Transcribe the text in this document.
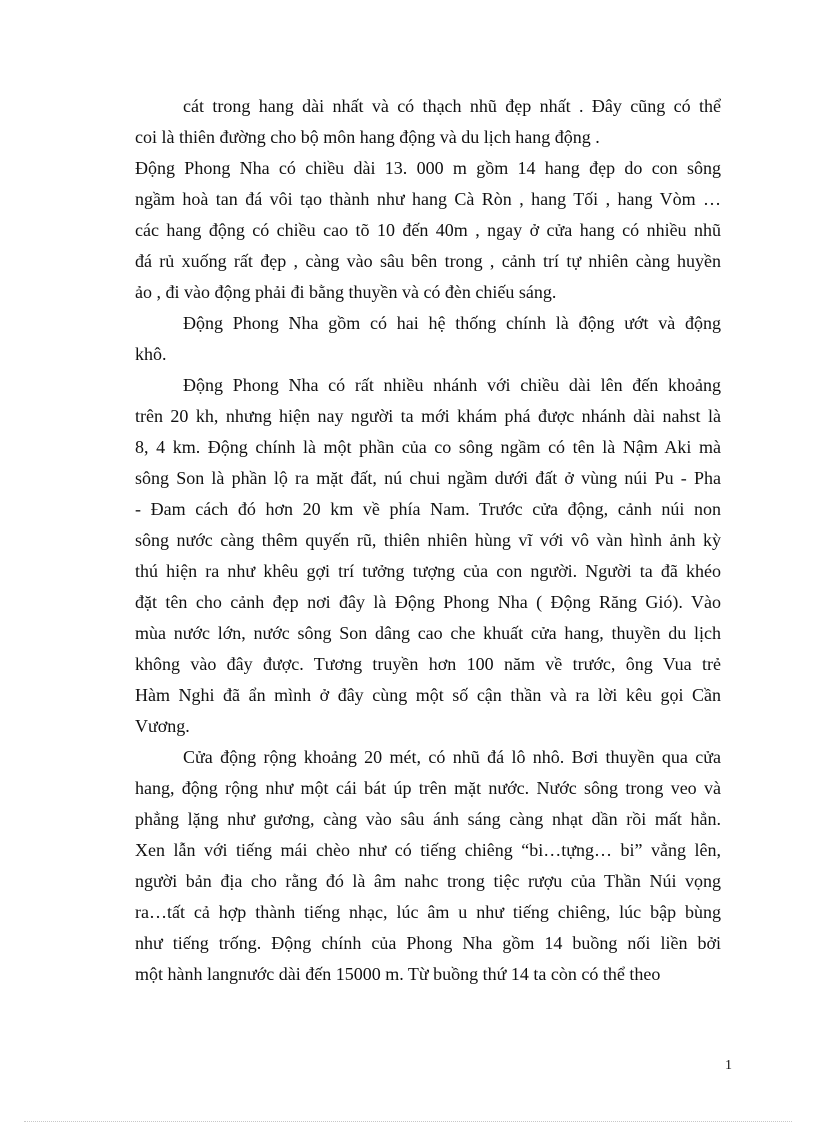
cát trong hang dài nhất và có thạch nhũ đẹp nhất . Đây cũng có thể
coi là thiên đường cho bộ môn hang động và du lịch hang động .
Động Phong Nha có chiều dài 13. 000 m gồm 14 hang đẹp do con sông
ngầm hoà tan đá vôi tạo thành như hang Cà Ròn , hang Tối , hang Vòm …
các hang động có chiều cao tõ 10 đến 40m , ngay ở cửa hang có nhiều nhũ
đá rủ xuống rất đẹp , càng vào sâu bên trong , cảnh trí tự nhiên càng huyền
ảo , đi vào động phải đi bằng thuyền và có đèn chiếu sáng.
Động Phong Nha gồm có hai hệ thống chính là động ướt và động
khô.
Động Phong Nha có rất nhiều nhánh với chiều dài lên đến khoảng
trên 20 kh, nhưng hiện nay người ta mới khám phá được nhánh dài nahst là
8, 4 km. Động chính là một phần của co sông ngầm có tên là Nậm Aki mà
sông Son là phần lộ ra mặt đất, nú chui ngầm dưới đất ở vùng núi Pu - Pha
- Đam cách đó hơn 20 km về phía Nam. Trước cửa động, cảnh núi non
sông nước càng thêm quyến rũ, thiên nhiên hùng vĩ với vô vàn hình ảnh kỳ
thú hiện ra như khêu gợi trí tưởng tượng của con người. Người ta đã khéo
đặt tên cho cảnh đẹp nơi đây là Động Phong Nha ( Động Răng Gió). Vào
mùa nước lớn, nước sông Son dâng cao che khuất cửa hang, thuyền du lịch
không vào đây được. Tương truyền hơn 100 năm về trước, ông Vua trẻ
Hàm Nghi đã ẩn mình ở đây cùng một số cận thần và ra lời kêu gọi Cần
Vương.
Cửa động rộng khoảng 20 mét, có nhũ đá lô nhô. Bơi thuyền qua cửa
hang, động rộng như một cái bát úp trên mặt nước. Nước sông trong veo và
phẳng lặng như gương, càng vào sâu ánh sáng càng nhạt dần rồi mất hẳn.
Xen lẫn với tiếng mái chèo như có tiếng chiêng “bi…tựng… bi” vẳng lên,
người bản địa cho rằng đó là âm nahc trong tiệc rượu của Thần Núi vọng
ra…tất cả hợp thành tiếng nhạc, lúc âm u như tiếng chiêng, lúc bập bùng
như tiếng trống. Động chính của Phong Nha gồm 14 buồng nối liền bởi
một hành langnước dài đến 15000 m. Từ buồng thứ 14 ta còn có thể theo
1
